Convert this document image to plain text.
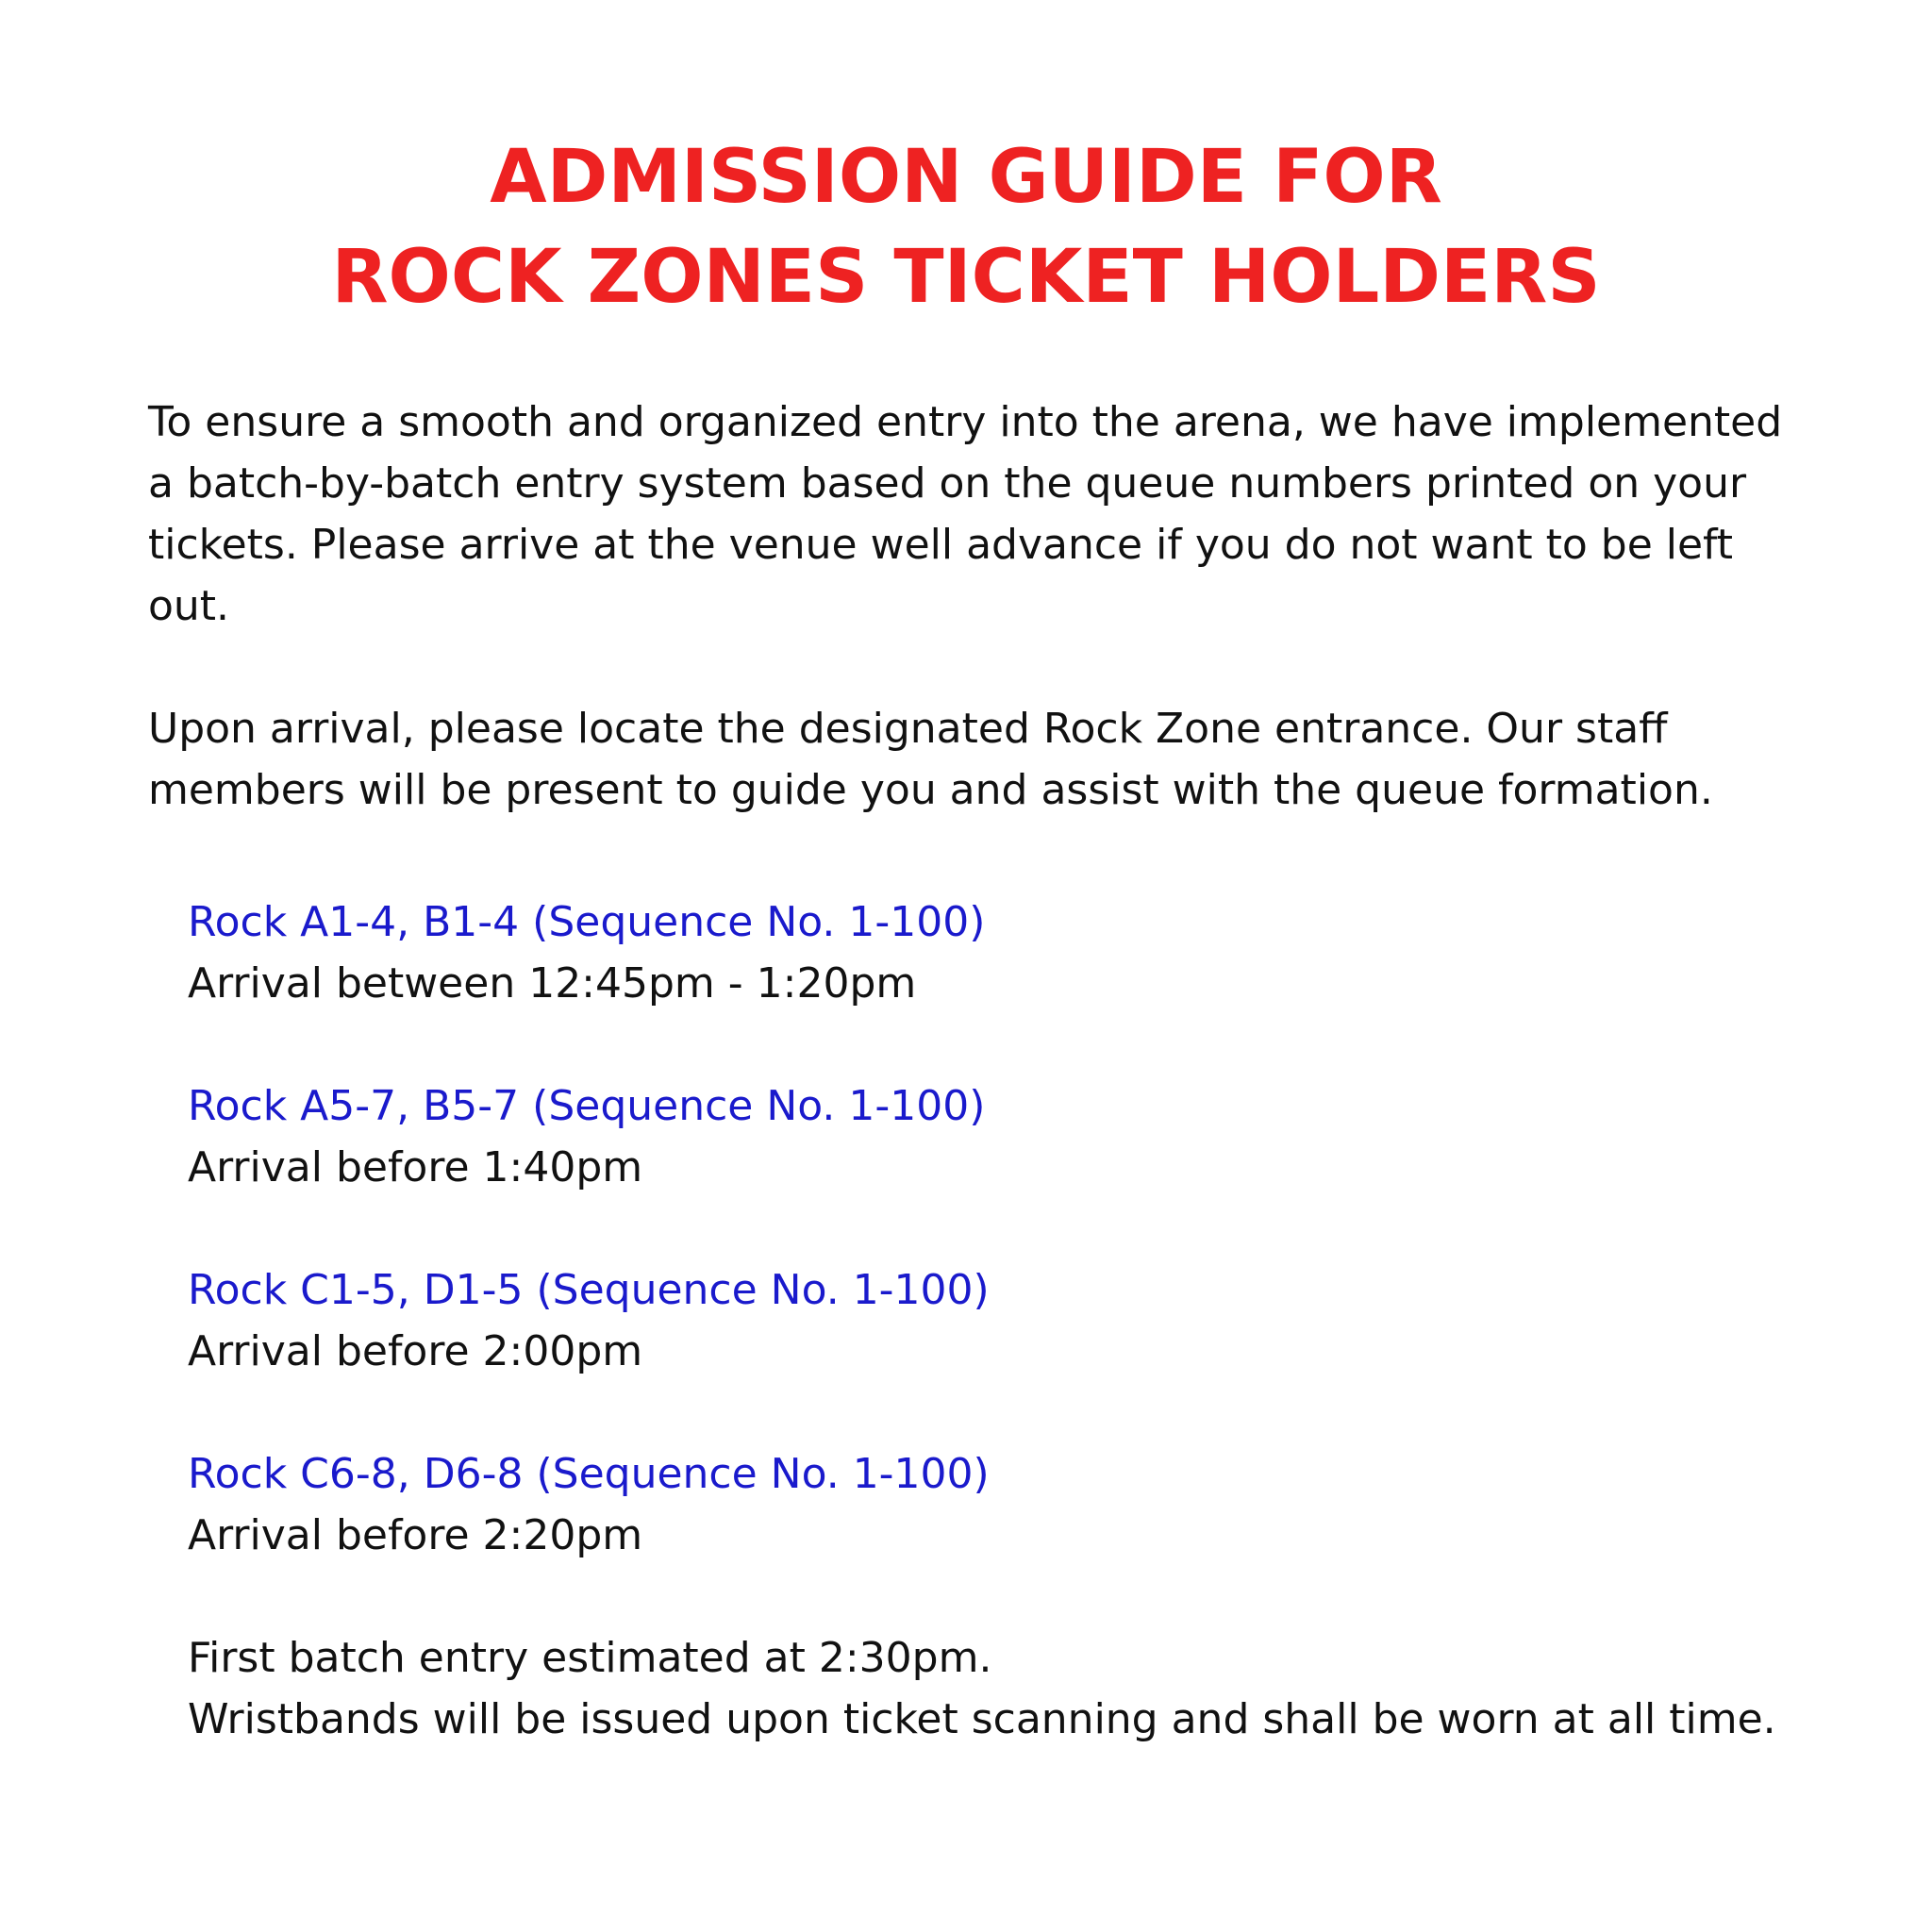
ADMISSION GUIDE FOR
ROCK ZONES TICKET HOLDERS

To ensure a smooth and organized entry into the arena, we have implemented a batch-by-batch entry system based on the queue numbers printed on your tickets. Please arrive at the venue well advance if you do not want to be left out.

Upon arrival, please locate the designated Rock Zone entrance. Our staff members will be present to guide you and assist with the queue formation.

Rock A1-4, B1-4 (Sequence No. 1-100)
Arrival between 12:45pm - 1:20pm
Rock A5-7, B5-7 (Sequence No. 1-100)
Arrival before 1:40pm
Rock C1-5, D1-5 (Sequence No. 1-100)
Arrival before 2:00pm
Rock C6-8, D6-8 (Sequence No. 1-100)
Arrival before 2:20pm
First batch entry estimated at 2:30pm.
Wristbands will be issued upon ticket scanning and shall be worn at all time.
